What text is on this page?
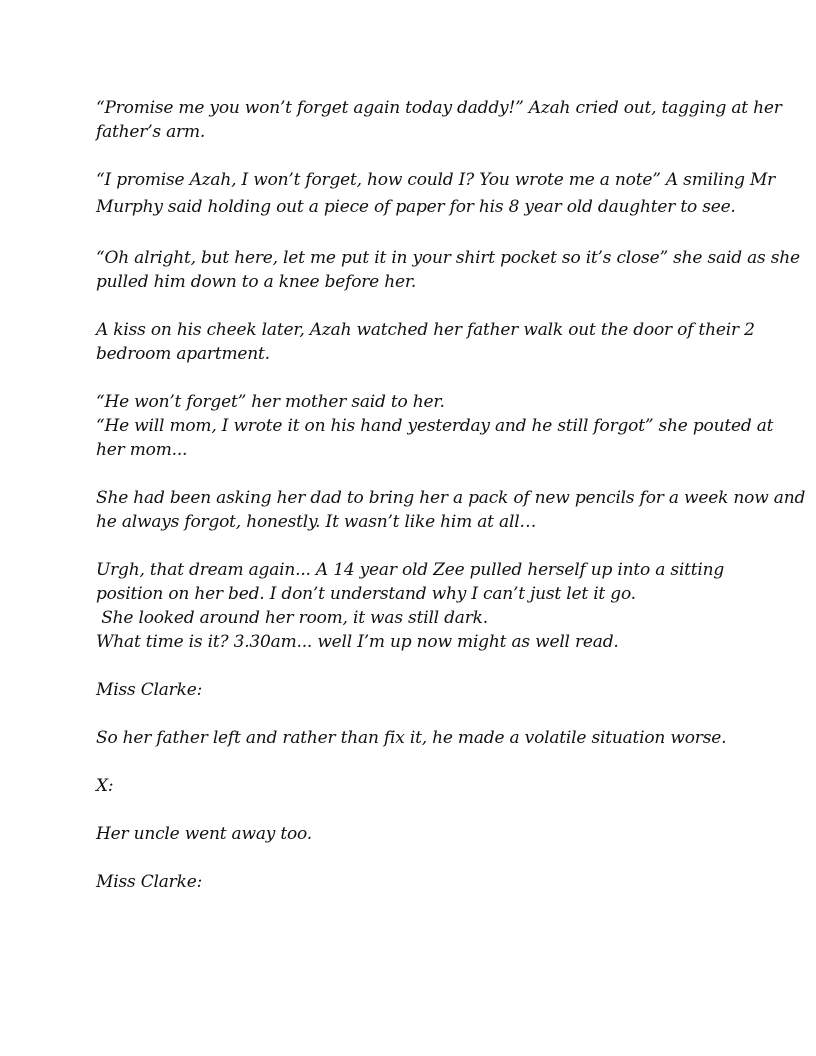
“Promise me you won’t forget again today daddy!” Azah cried out, tagging at her
father’s arm.
“I promise Azah, I won’t forget, how could I? You wrote me a note” A smiling Mr
Murphy said holding out a piece of paper for his 8 year old daughter to see.
“Oh alright, but here, let me put it in your shirt pocket so it’s close” she said as she
pulled him down to a knee before her.
A kiss on his cheek later, Azah watched her father walk out the door of their 2
bedroom apartment.
“He won’t forget” her mother said to her.
“He will mom, I wrote it on his hand yesterday and he still forgot” she pouted at
her mom...
She had been asking her dad to bring her a pack of new pencils for a week now and
he always forgot, honestly. It wasn’t like him at all…
Urgh, that dream again... A 14 year old Zee pulled herself up into a sitting
position on her bed. I don’t understand why I can’t just let it go.
She looked around her room, it was still dark.
What time is it? 3.30am... well I’m up now might as well read.
Miss Clarke:
So her father left and rather than fix it, he made a volatile situation worse.
X:
Her uncle went away too.
Miss Clarke:
